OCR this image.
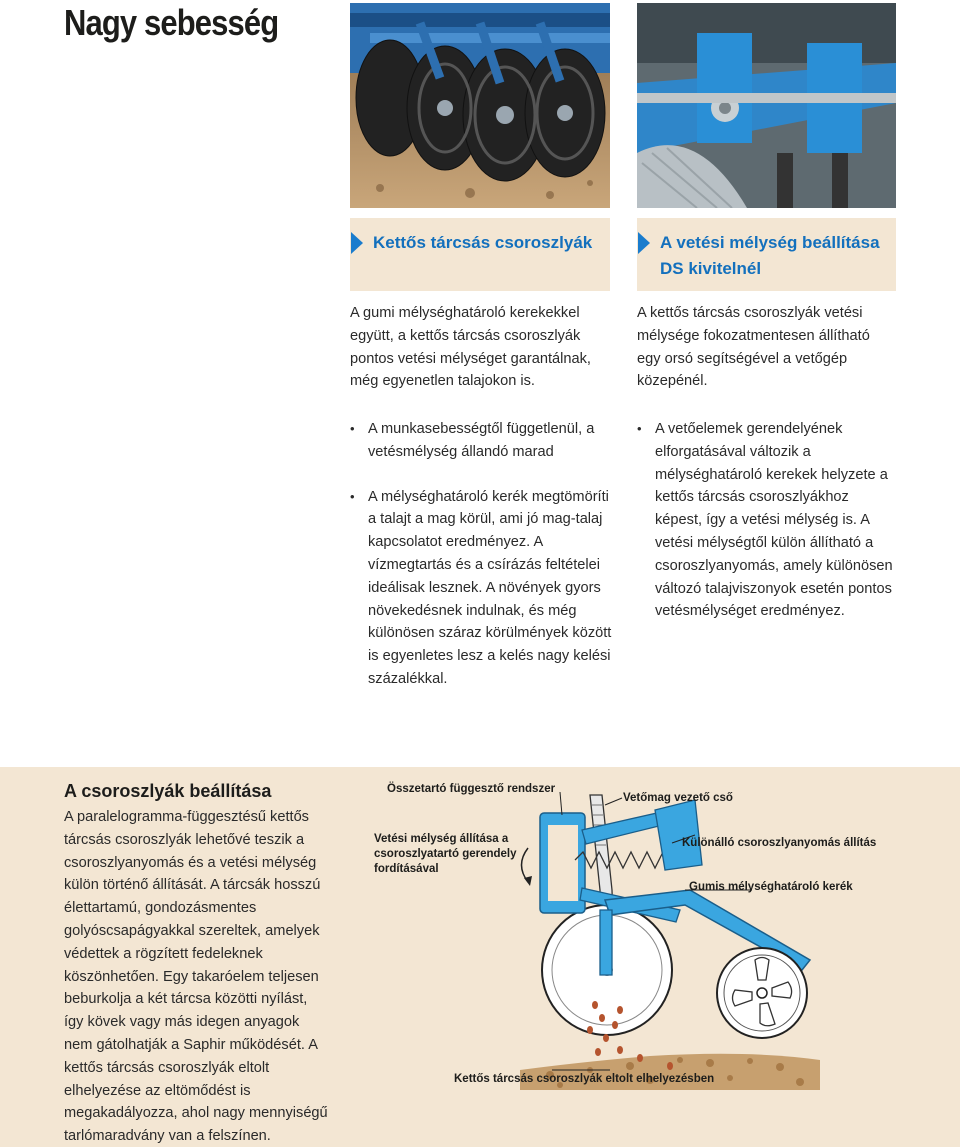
Nagy sebesség
Kettős tárcsás csoroszlyák	A vetési mélység beállítása
DS kivitelnél
A gumi mélységhatároló kerekekkel együtt, a kettős tárcsás csoroszlyák pontos vetési mélységet garantálnak, még egyenetlen talajokon is.
• A munkasebességtől függetlenül, a vetésmélység állandó marad
• A mélységhatároló kerék megtömöríti a talajt a mag körül, ami jó mag-talaj kapcsolatot eredményez. A vízmegtartás és a csírázás feltételei ideálisak lesznek. A növények gyors növekedésnek indulnak, és még különösen száraz körülmények között is egyenletes lesz a kelés nagy kelési százalékkal.
A kettős tárcsás csoroszlyák vetési mélysége fokozatmentesen állítható egy orsó segítségével a vetőgép közepénél.
• A vetőelemek gerendelyének elforgatásával változik a mélységhatároló kerekek helyzete a kettős tárcsás csoroszlyákhoz képest, így a vetési mélység is. A vetési mélységtől külön állítható a csoroszlyanyomás, amely különösen változó talajviszonyok esetén pontos vetésmélységet eredményez.
A csoroszlyák beállítása
A paralelogramma-függesztésű kettős tárcsás csoroszlyák lehetővé teszik a csoroszlyanyomás és a vetési mélység külön történő állítását. A tárcsák hosszú élettartamú, gondozásmentes golyóscsapágyakkal szereltek, amelyek védettek a rögzített fedeleknek köszönhetően. Egy takaróelem teljesen beburkolja a két tárcsa közötti nyílást, így kövek vagy más idegen anyagok nem gátolhatják a Saphir működését. A kettős tárcsás csoroszlyák eltolt elhelyezése az eltömődést is megakadályozza, ahol nagy mennyiségű tarlómaradvány van a felszínen.
Összetartó függesztő rendszer
Vetőmag vezető cső
Vetési mélység állítása a
csoroszlyatartó gerendely
fordításával
Különálló csoroszlyanyomás állítás
Gumis mélységhatároló kerék
Kettős tárcsás csoroszlyák eltolt elhelyezésben
